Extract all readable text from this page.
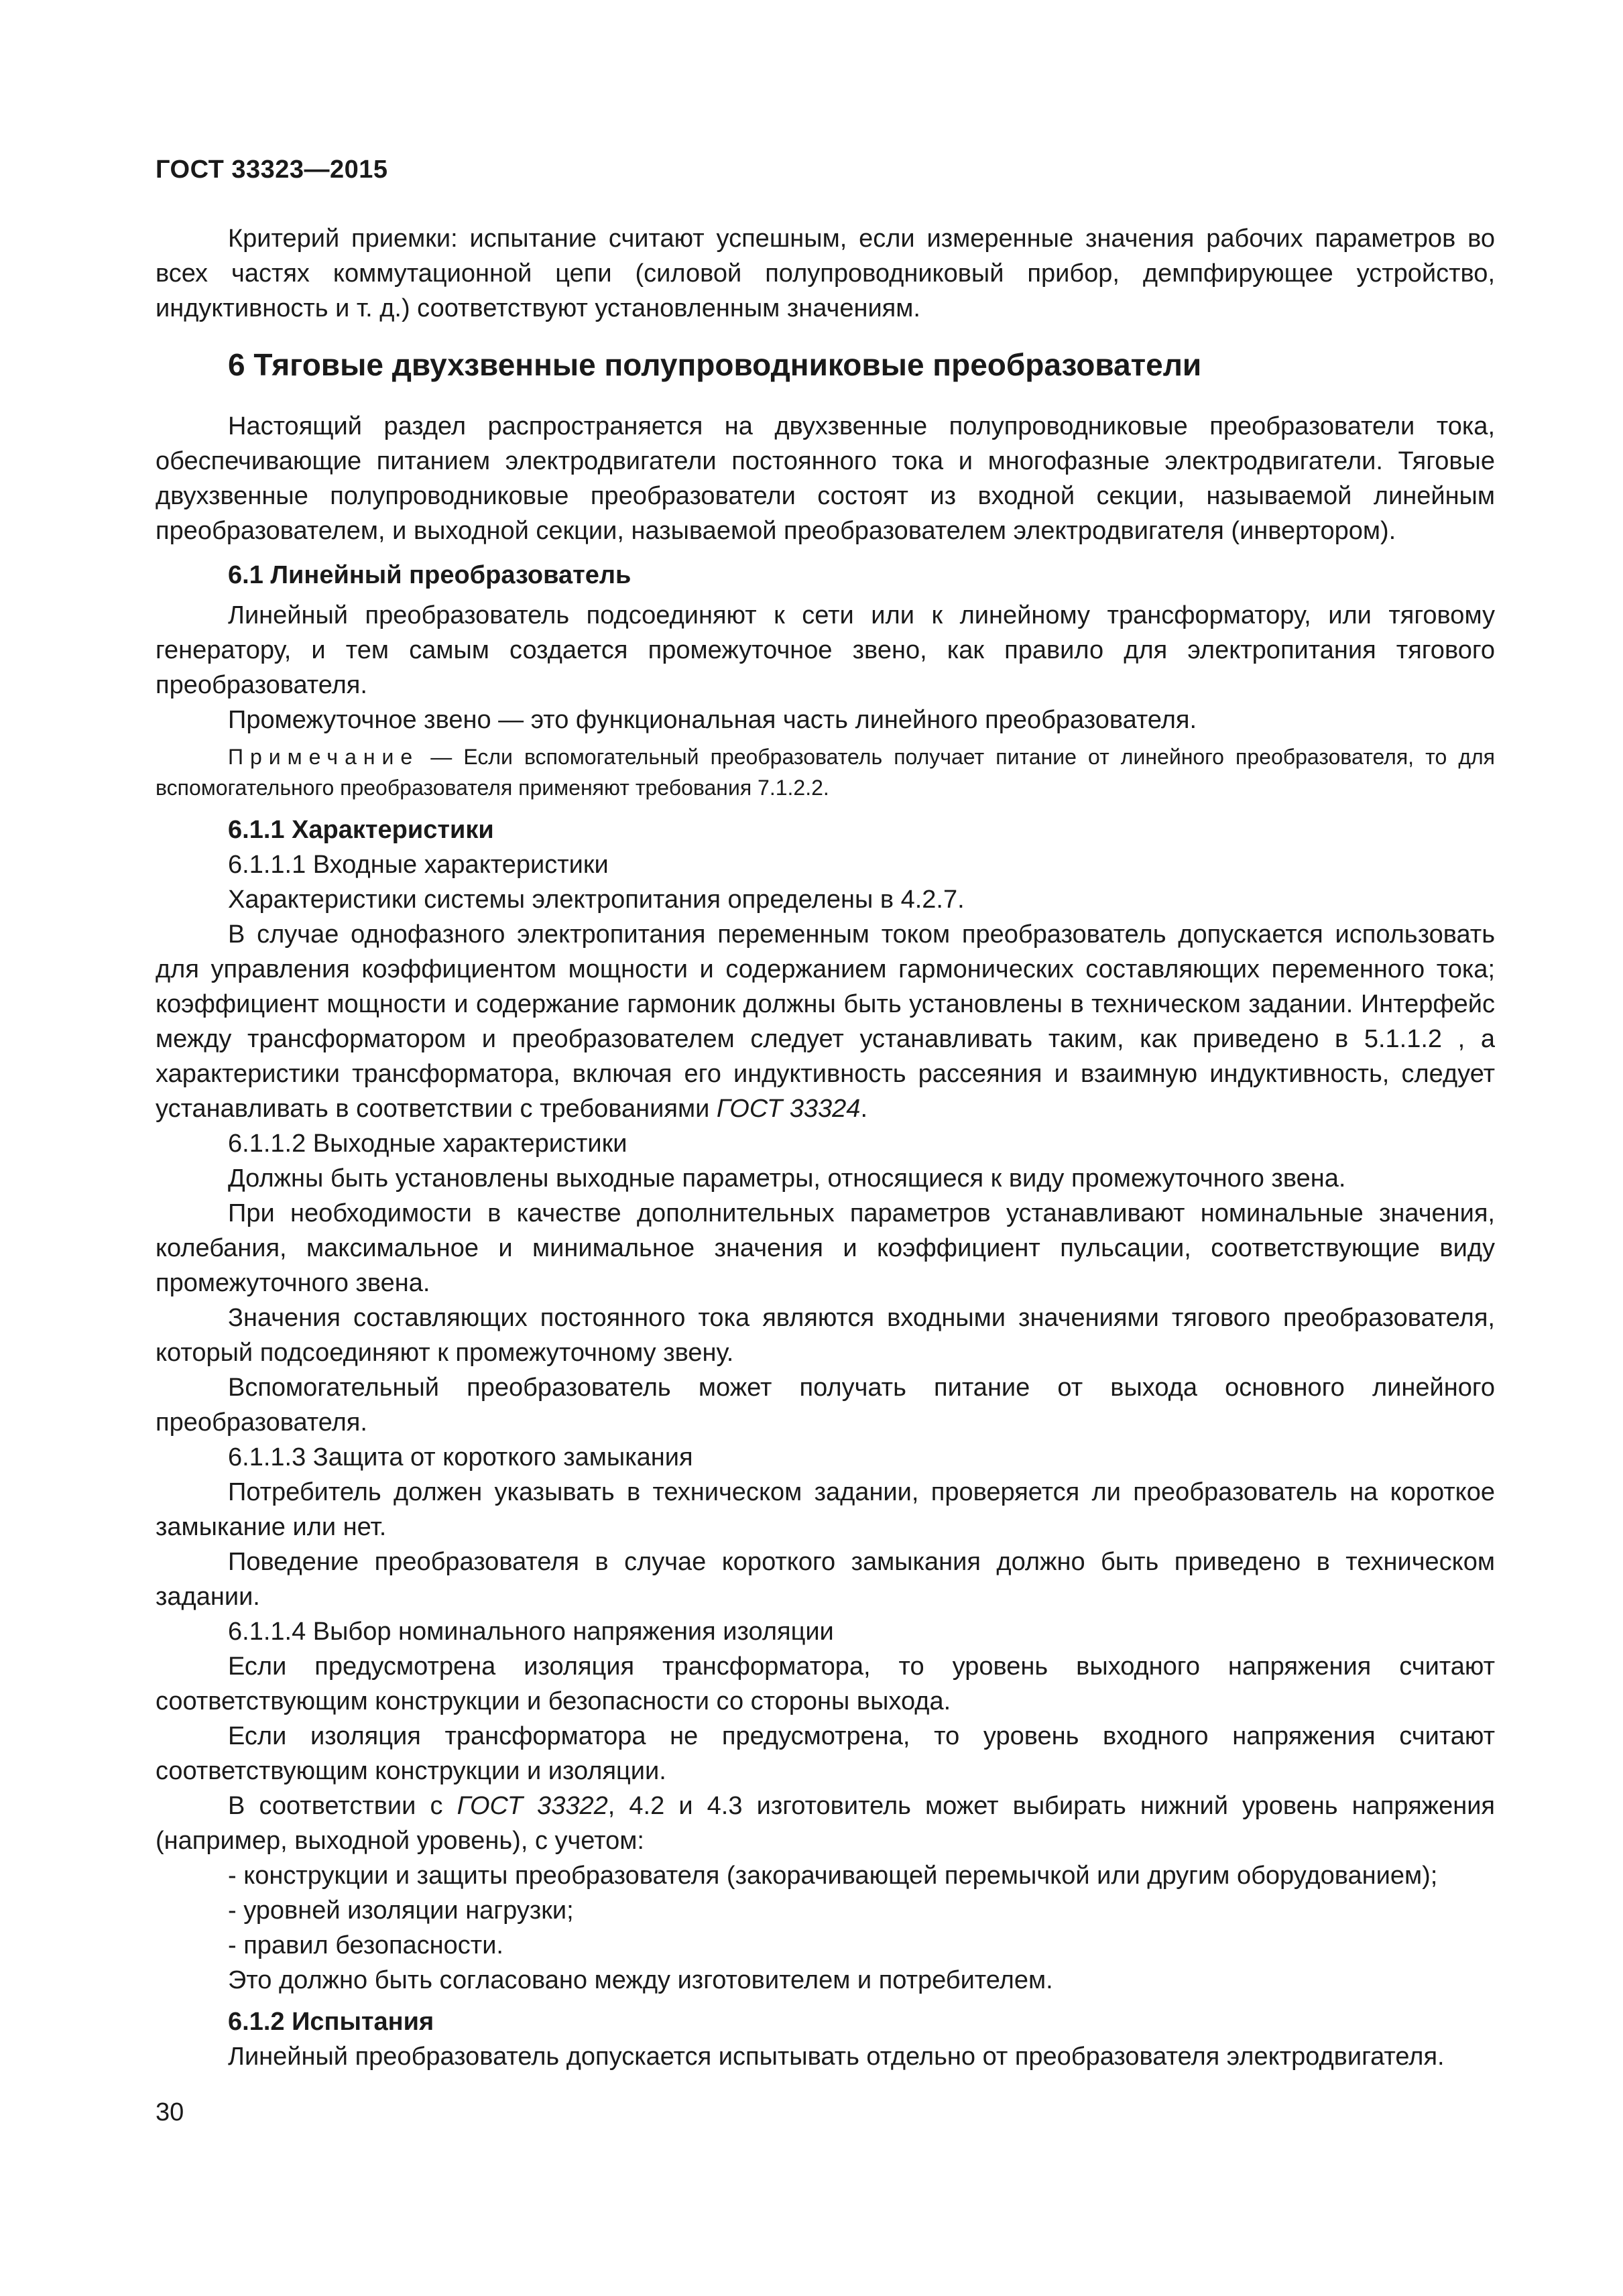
ГОСТ 33323—2015

Критерий приемки: испытание считают успешным, если измеренные значения рабочих параметров во всех частях коммутационной цепи (силовой полупроводниковый прибор, демпфирующее устройство, индуктивность и т. д.) соответствуют установленным значениям.

6 Тяговые двухзвенные полупроводниковые преобразователи

Настоящий раздел распространяется на двухзвенные полупроводниковые преобразователи тока, обеспечивающие питанием электродвигатели постоянного тока и многофазные электродвигатели. Тяговые двухзвенные полупроводниковые преобразователи состоят из входной секции, называемой линейным преобразователем, и выходной секции, называемой преобразователем электродвигателя (инвертором).

6.1 Линейный преобразователь

Линейный преобразователь подсоединяют к сети или к линейному трансформатору, или тяговому генератору, и тем самым создается промежуточное звено, как правило для электропитания тягового преобразователя.

Промежуточное звено — это функциональная часть линейного преобразователя.

Примечание — Если вспомогательный преобразователь получает питание от линейного преобразователя, то для вспомогательного преобразователя применяют требования 7.1.2.2.

6.1.1 Характеристики
6.1.1.1 Входные характеристики

Характеристики системы электропитания определены в 4.2.7.

В случае однофазного электропитания переменным током преобразователь допускается использовать для управления коэффициентом мощности и содержанием гармонических составляющих переменного тока; коэффициент мощности и содержание гармоник должны быть установлены в техническом задании. Интерфейс между трансформатором и преобразователем следует устанавливать таким, как приведено в 5.1.1.2 , а характеристики трансформатора, включая его индуктивность рассеяния и взаимную индуктивность, следует устанавливать в соответствии с требованиями ГОСТ 33324.

6.1.1.2 Выходные характеристики

Должны быть установлены выходные параметры, относящиеся к виду промежуточного звена.

При необходимости в качестве дополнительных параметров устанавливают номинальные значения, колебания, максимальное и минимальное значения и коэффициент пульсации, соответствующие виду промежуточного звена.

Значения составляющих постоянного тока являются входными значениями тягового преобразователя, который подсоединяют к промежуточному звену.

Вспомогательный преобразователь может получать питание от выхода основного линейного преобразователя.

6.1.1.3 Защита от короткого замыкания

Потребитель должен указывать в техническом задании, проверяется ли преобразователь на короткое замыкание или нет.

Поведение преобразователя в случае короткого замыкания должно быть приведено в техническом задании.

6.1.1.4 Выбор номинального напряжения изоляции

Если предусмотрена изоляция трансформатора, то уровень выходного напряжения считают соответствующим конструкции и безопасности со стороны выхода.

Если изоляция трансформатора не предусмотрена, то уровень входного напряжения считают соответствующим конструкции и изоляции.

В соответствии с ГОСТ 33322, 4.2 и 4.3 изготовитель может выбирать нижний уровень напряжения (например, выходной уровень), с учетом:

- конструкции и защиты преобразователя (закорачивающей перемычкой или другим оборудованием);
- уровней изоляции нагрузки;
- правил безопасности.

Это должно быть согласовано между изготовителем и потребителем.

6.1.2 Испытания

Линейный преобразователь допускается испытывать отдельно от преобразователя электродвигателя.

30
